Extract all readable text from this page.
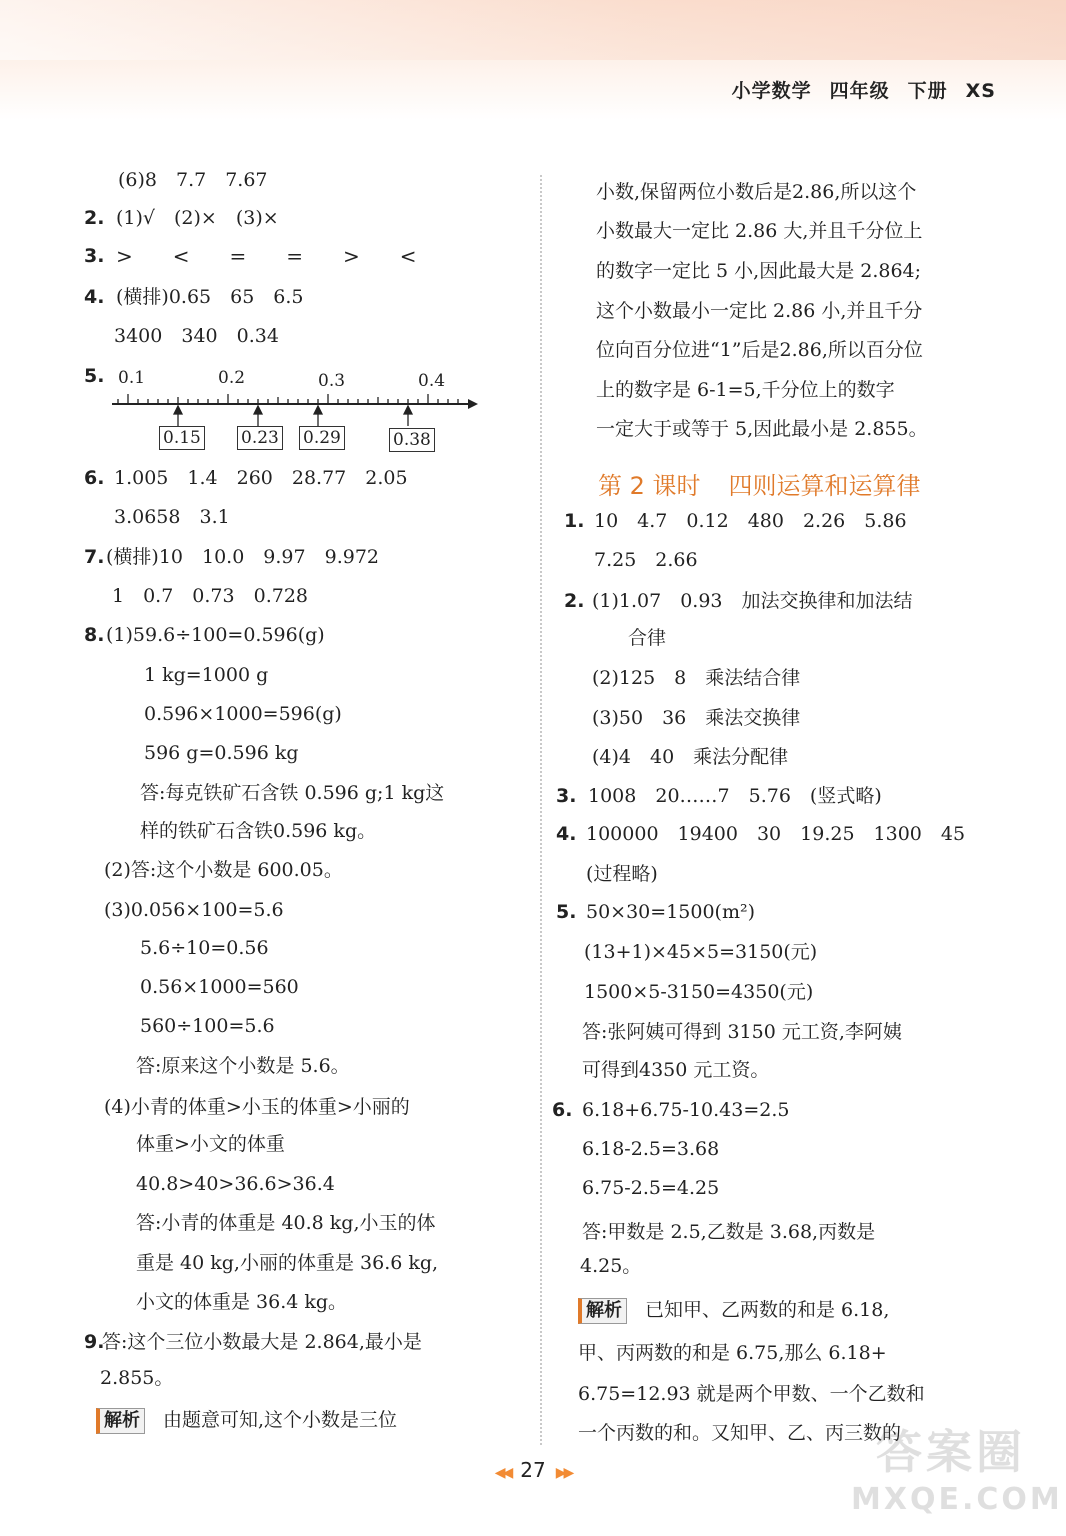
小学数学 四年级 下册 XS
(6)8　7.7　7.67
2. (1)√　(2)×　(3)×
3. >　<　=　=　>　<
4. (横排)0.65　65　6.5
3400　340　0.34
5. 0.1	0.2	0.3	0.4
0.15 0.23 0.29	0.38
6. 1.005　1.4　260　28.77　2.05
3.0658　3.1
7. (横排)10　10.0　9.97　9.972
1　0.7　0.73　0.728
8. (1)59.6÷100=0.596(g)
1 kg=1000 g
0.596×1000=596(g)
596 g=0.596 kg
答:每克铁矿石含铁 0.596 g;1 kg这
样的铁矿石含铁0.596 kg。
(2)答:这个小数是 600.05。
(3)0.056×100=5.6
5.6÷10=0.56
0.56×1000=560
560÷100=5.6
答:原来这个小数是 5.6。
(4)小青的体重>小玉的体重>小丽的
体重>小文的体重
40.8>40>36.6>36.4
答:小青的体重是 40.8 kg,小玉的体
重是 40 kg,小丽的体重是 36.6 kg,
小文的体重是 36.4 kg。
9.
答:这个三位小数最大是 2.864,最小是
2.855。
解析 由题意可知,这个小数是三位
小数,保留两位小数后是2.86,所以这个
小数最大一定比 2.86 大,并且千分位上
的数字一定比 5 小,因此最大是 2.864;
这个小数最小一定比 2.86 小,并且千分
位向百分位进“1”后是2.86,所以百分位
上的数字是 6-1=5,千分位上的数字
一定大于或等于 5,因此最小是 2.855。
第 2 课时 四则运算和运算律
1. 10　4.7　0.12　480　2.26　5.86
7.25　2.66
2. (1)1.07　0.93　加法交换律和加法结
合律
(2)125　8　乘法结合律
(3)50　36　乘法交换律
(4)4　40　乘法分配律
3. 1008　20……7　5.76　(竖式略)
4. 100000　19400　30　19.25　1300　45
(过程略)
5. 50×30=1500(m²)
(13+1)×45×5=3150(元)
1500×5-3150=4350(元)
答:张阿姨可得到 3150 元工资,李阿姨
可得到4350 元工资。
6. 6.18+6.75-10.43=2.5
6.18-2.5=3.68
6.75-2.5=4.25
答:甲数是 2.5,乙数是 3.68,丙数是
4.25。
解析 已知甲、乙两数的和是 6.18,
甲、丙两数的和是 6.75,那么 6.18+
6.75=12.93 就是两个甲数、一个乙数和
一个丙数的和。又知甲、乙、丙三数的
◀◀ 27 ▶▶	答案圈
MXQE.COM
